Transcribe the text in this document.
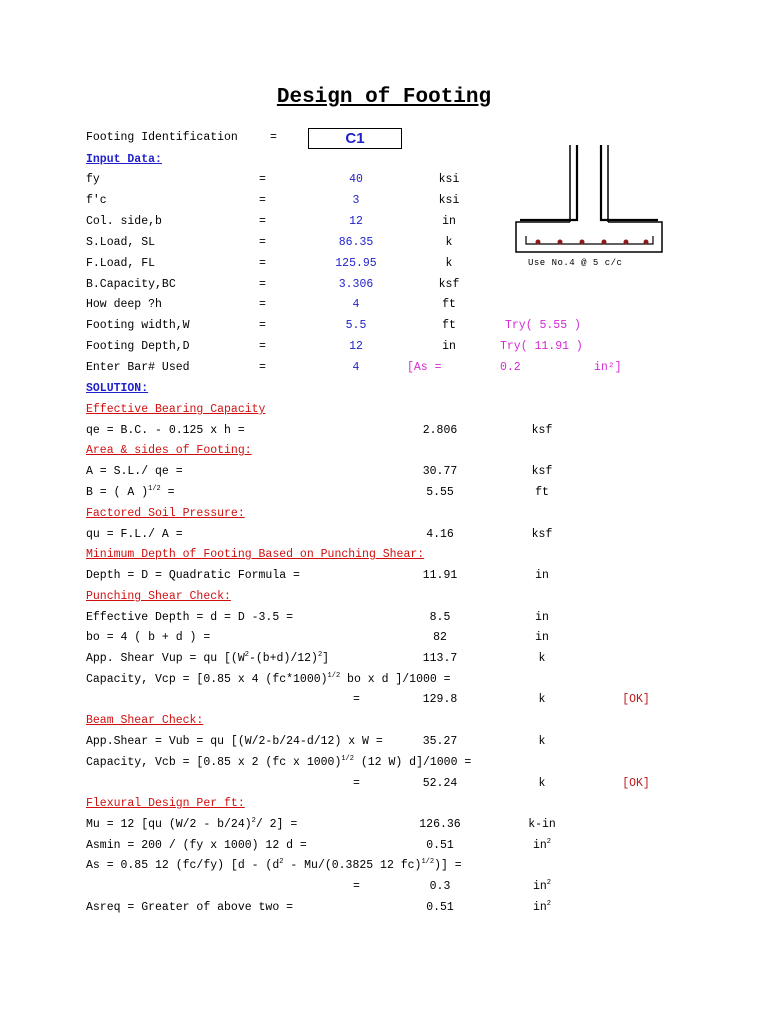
Design of Footing
Footing Identification	=	C1
Input Data:
fy	=	40	ksi
f'c	=	3	ksi
Col. side,b	=	12	in
S.Load, SL	=	86.35	k
F.Load, FL	=	125.95	k
B.Capacity,BC	=	3.306	ksf
How deep ?h	=	4	ft
Footing width,W	=	5.5	ft	Try( 5.55 )
Footing Depth,D	=	12	in	Try( 11.91 )
Enter Bar# Used	=	4	[As =	0.2	in²]
Use No.4 @ 5 c/c
SOLUTION:
Effective Bearing Capacity
qe = B.C. - 0.125 x h =	2.806	ksf
Area & sides of Footing:
A = S.L./ qe =	30.77	ksf
B = ( A )$^{1/2}$ =	5.55	ft
Factored Soil Pressure:
qu = F.L./ A =	4.16	ksf
Minimum Depth of Footing Based on Punching Shear:
Depth = D = Quadratic Formula =	11.91	in
Punching Shear Check:
Effective Depth = d = D -3.5 =	8.5	in
bo = 4 ( b + d ) =	82	in
App. Shear Vup = qu $[(W^2-(b+d)/12)^2]$	113.7	k
Capacity, Vcp = [0.85 x 4 $(fc*1000)^{1/2}$ bo x d ]/1000 =
=	129.8	k	[OK]
Beam Shear Check:
App.Shear = Vub = qu [(W/2-b/24-d/12) x W =	35.27	k
Capacity, Vcb = [0.85 x 2 (fc x 1000)$^{1/2}$ (12 W) d]/1000 =
=	52.24	k	[OK]
Flexural Design Per ft:
Mu = 12 [qu (W/2 - b/24)$^2$/ 2] =	126.36	k-in
Asmin = 200 / (fy x 1000) 12 d =	0.51	$in^2$
As = 0.85 12 (fc/fy) [$d - (d^2 - Mu/(0.3825$ 12 fc)$^{1/2}$)] =
=	0.3	$in^2$
Asreq = Greater of above two =	0.51	$in^2$
